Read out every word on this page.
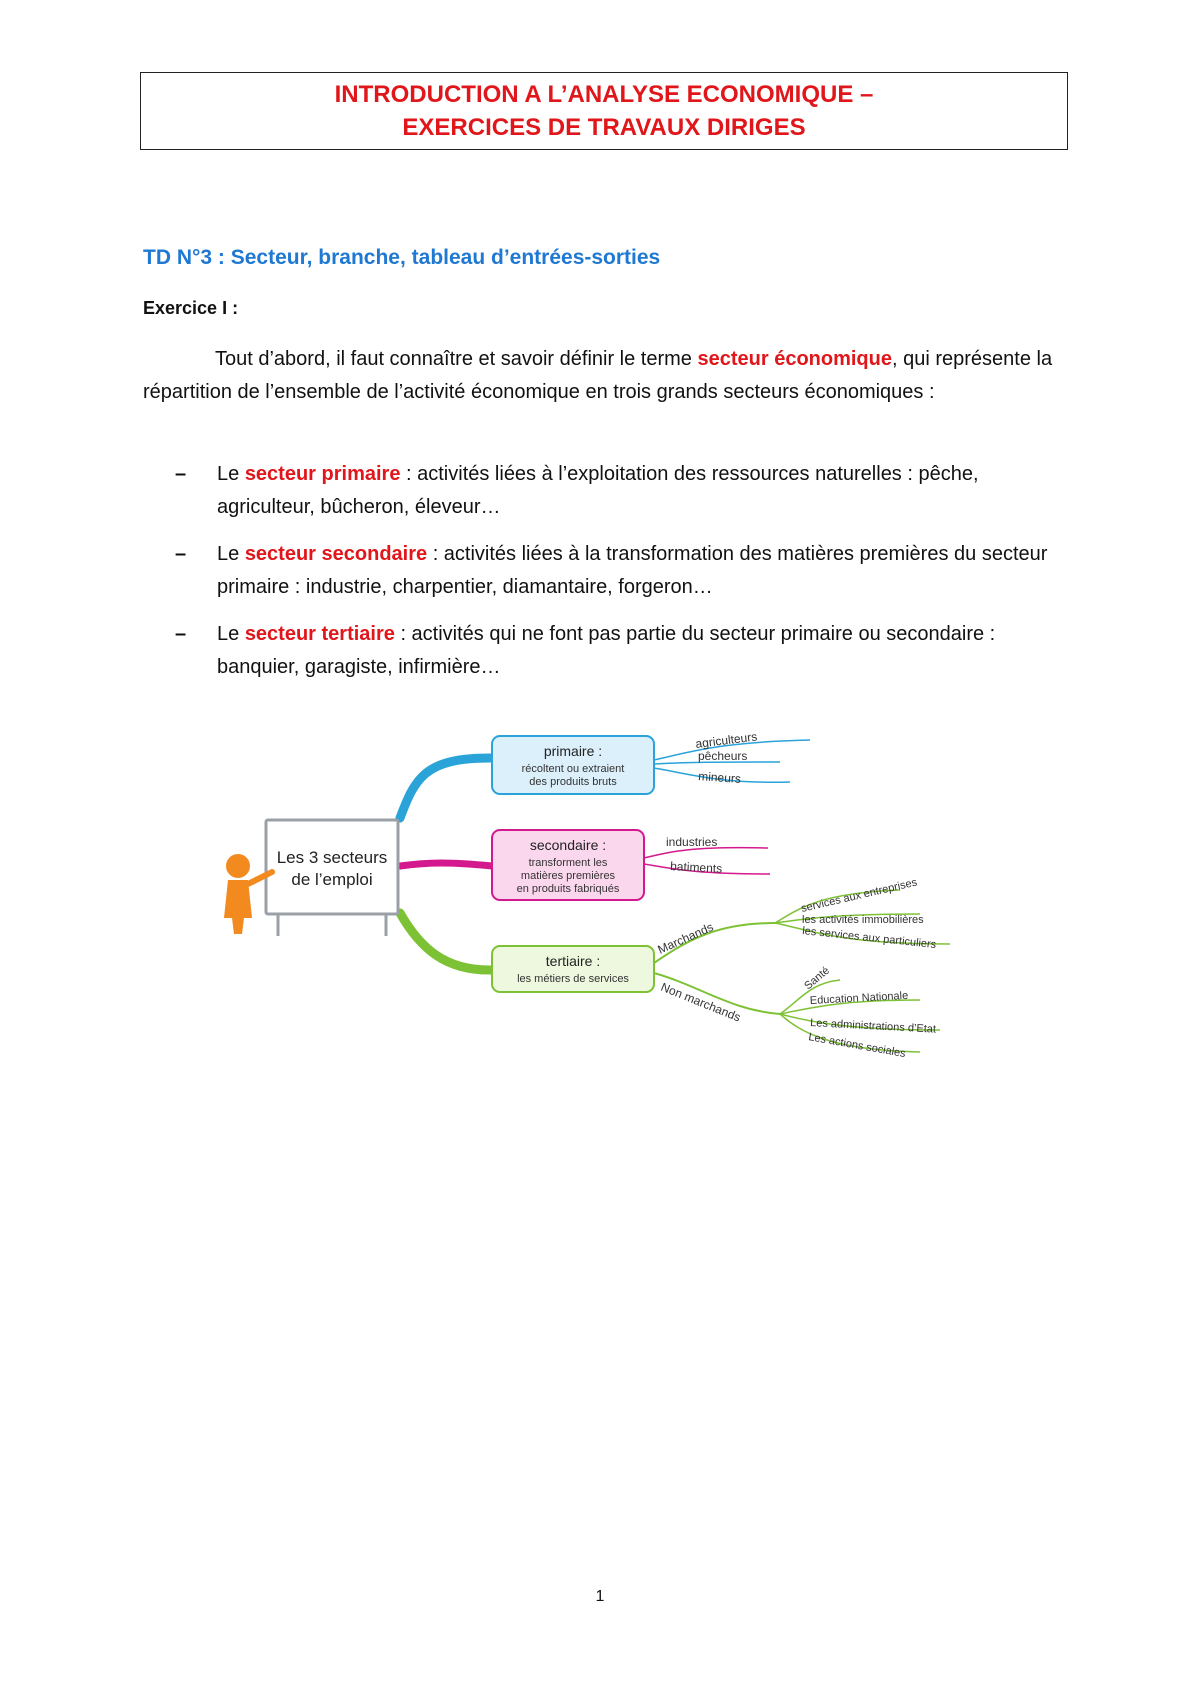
INTRODUCTION A L’ANALYSE ECONOMIQUE –
EXERCICES DE TRAVAUX DIRIGES
TD N°3 : Secteur, branche, tableau d’entrées-sorties
Exercice I :

Tout d’abord, il faut connaître et savoir définir le terme secteur économique, qui représente la répartition de l’ensemble de l’activité économique en trois grands secteurs économiques :

– Le secteur primaire : activités liées à l’exploitation des ressources naturelles : pêche, agriculteur, bûcheron, éleveur…
– Le secteur secondaire : activités liées à la transformation des matières premières du secteur primaire : industrie, charpentier, diamantaire, forgeron…
– Le secteur tertiaire : activités qui ne font pas partie du secteur primaire ou secondaire : banquier, garagiste, infirmière…
Les 3 secteurs
de l’emploi
primaire :
récoltent ou extraient
des produits bruts
agriculteurs
pêcheurs
mineurs
secondaire :
transforment les
matières premières
en produits fabriqués
industries
batiments
tertiaire :
les métiers de services
Marchands
Non marchands
services aux entreprises
les activités immobilières
les services aux particuliers
Santé
Education Nationale
Les administrations d’Etat
Les actions sociales
1
